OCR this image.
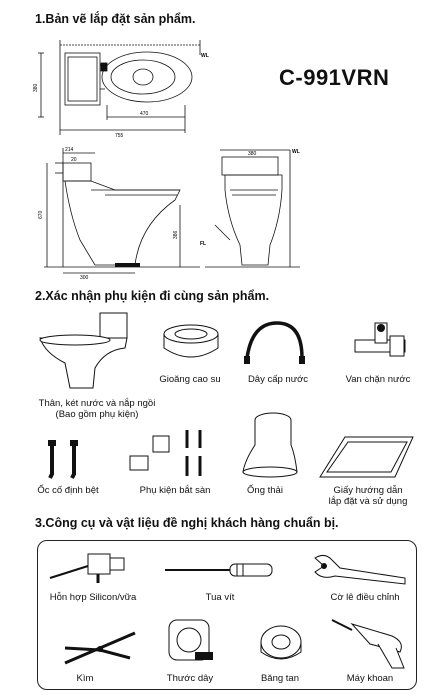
1.Bản vẽ lắp đặt sản phẩm.
380
470
755
WL
C-991VRN
214
20
670
386
300
380	WL
FL
2.Xác nhận phụ kiện đi cùng sản phẩm.
Thân, két nước và nắp ngồi
(Bao gồm phụ kiện)
Gioăng cao su	Dây cấp nước	Van chặn nước
Ốc cố định bệt	Phụ kiện bắt sàn	Ống thải	Giấy hướng dẫn
lắp đặt và sử dụng
3.Công cụ và vật liệu đề nghị khách hàng chuẩn bị.
Hỗn hợp Silicon/vữa	Tua vít	Cờ lê điều chỉnh
Kìm	Thước dây	Băng tan	Máy khoan
